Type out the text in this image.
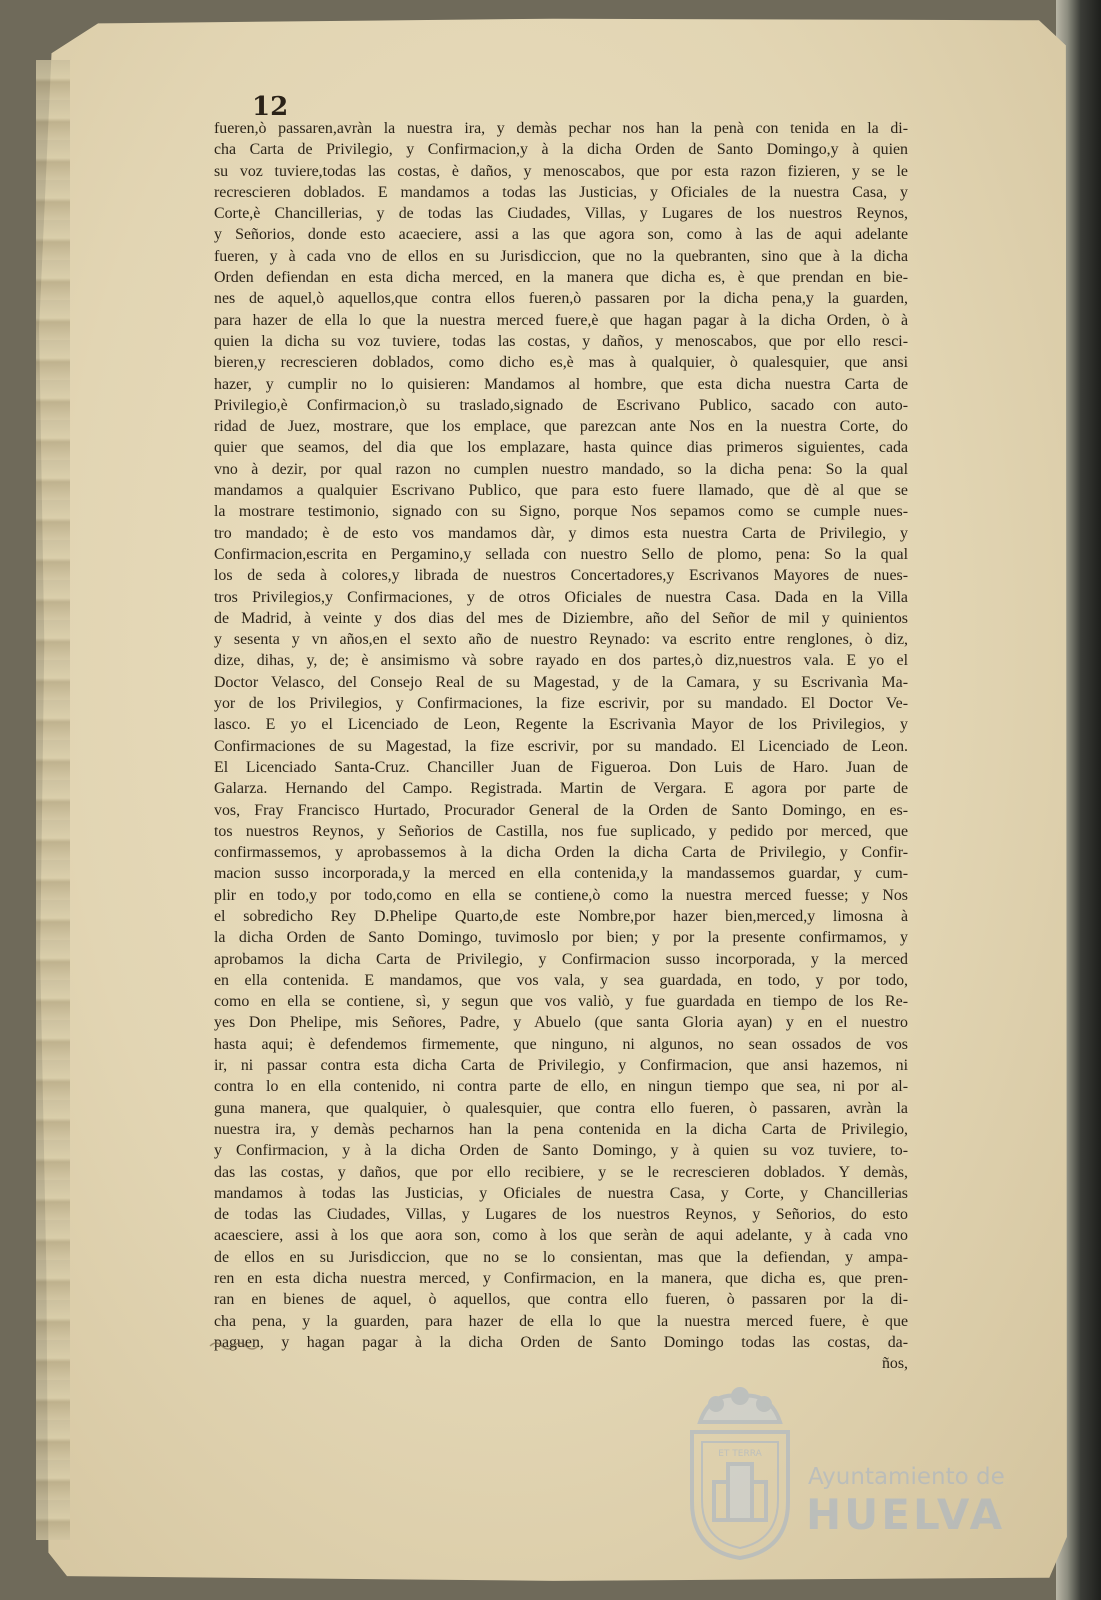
12
fueren,ò passaren,avràn la nuestra ira, y demàs pechar nos han la penà con tenida en la di-
cha Carta de Privilegio, y Confirmacion,y à la dicha Orden de Santo Domingo,y à quien
su voz tuviere,todas las costas, è daños, y menoscabos, que por esta razon fizieren, y se le
recrescieren doblados. E mandamos a todas las Justicias, y Oficiales de la nuestra Casa, y
Corte,è Chancillerias, y de todas las Ciudades, Villas, y Lugares de los nuestros Reynos,
y Señorios, donde esto acaeciere, assi a las que agora son, como à las de aqui adelante
fueren, y à cada vno de ellos en su Jurisdiccion, que no la quebranten, sino que à la dicha
Orden defiendan en esta dicha merced, en la manera que dicha es, è que prendan en bie-
nes de aquel,ò aquellos,que contra ellos fueren,ò passaren por la dicha pena,y la guarden,
para hazer de ella lo que la nuestra merced fuere,è que hagan pagar à la dicha Orden, ò à
quien la dicha su voz tuviere, todas las costas, y daños, y menoscabos, que por ello resci-
bieren,y recrescieren doblados, como dicho es,è mas à qualquier, ò qualesquier, que ansi
hazer, y cumplir no lo quisieren: Mandamos al hombre, que esta dicha nuestra Carta de
Privilegio,è Confirmacion,ò su traslado,signado de Escrivano Publico, sacado con auto-
ridad de Juez, mostrare, que los emplace, que parezcan ante Nos en la nuestra Corte, do
quier que seamos, del dia que los emplazare, hasta quince dias primeros siguientes, cada
vno à dezir, por qual razon no cumplen nuestro mandado, so la dicha pena: So la qual
mandamos a qualquier Escrivano Publico, que para esto fuere llamado, que dè al que se
la mostrare testimonio, signado con su Signo, porque Nos sepamos como se cumple nues-
tro mandado; è de esto vos mandamos dàr, y dimos esta nuestra Carta de Privilegio, y
Confirmacion,escrita en Pergamino,y sellada con nuestro Sello de plomo, pena: So la qual
los de seda à colores,y librada de nuestros Concertadores,y Escrivanos Mayores de nues-
tros Privilegios,y Confirmaciones, y de otros Oficiales de nuestra Casa. Dada en la Villa
de Madrid, à veinte y dos dias del mes de Diziembre, año del Señor de mil y quinientos
y sesenta y vn años,en el sexto año de nuestro Reynado: va escrito entre renglones, ò diz,
dize, dihas, y, de; è ansimismo và sobre rayado en dos partes,ò diz,nuestros vala. E yo el
Doctor Velasco, del Consejo Real de su Magestad, y de la Camara, y su Escrivanìa Ma-
yor de los Privilegios, y Confirmaciones, la fize escrivir, por su mandado. El Doctor Ve-
lasco. E yo el Licenciado de Leon, Regente la Escrivanìa Mayor de los Privilegios, y
Confirmaciones de su Magestad, la fize escrivir, por su mandado. El Licenciado de Leon.
El Licenciado Santa-Cruz. Chanciller Juan de Figueroa. Don Luis de Haro. Juan de
Galarza. Hernando del Campo. Registrada. Martin de Vergara. E agora por parte de
vos, Fray Francisco Hurtado, Procurador General de la Orden de Santo Domingo, en es-
tos nuestros Reynos, y Señorios de Castilla, nos fue suplicado, y pedido por merced, que
confirmassemos, y aprobassemos à la dicha Orden la dicha Carta de Privilegio, y Confir-
macion susso incorporada,y la merced en ella contenida,y la mandassemos guardar, y cum-
plir en todo,y por todo,como en ella se contiene,ò como la nuestra merced fuesse; y Nos
el sobredicho Rey D.Phelipe Quarto,de este Nombre,por hazer bien,merced,y limosna à
la dicha Orden de Santo Domingo, tuvimoslo por bien; y por la presente confirmamos, y
aprobamos la dicha Carta de Privilegio, y Confirmacion susso incorporada, y la merced
en ella contenida. E mandamos, que vos vala, y sea guardada, en todo, y por todo,
como en ella se contiene, sì, y segun que vos valiò, y fue guardada en tiempo de los Re-
yes Don Phelipe, mis Señores, Padre, y Abuelo (que santa Gloria ayan) y en el nuestro
hasta aqui; è defendemos firmemente, que ninguno, ni algunos, no sean ossados de vos
ir, ni passar contra esta dicha Carta de Privilegio, y Confirmacion, que ansi hazemos, ni
contra lo en ella contenido, ni contra parte de ello, en ningun tiempo que sea, ni por al-
guna manera, que qualquier, ò qualesquier, que contra ello fueren, ò passaren, avràn la
nuestra ira, y demàs pecharnos han la pena contenida en la dicha Carta de Privilegio,
y Confirmacion, y à la dicha Orden de Santo Domingo, y à quien su voz tuviere, to-
das las costas, y daños, que por ello recibiere, y se le recrescieren doblados. Y demàs,
mandamos à todas las Justicias, y Oficiales de nuestra Casa, y Corte, y Chancillerias
de todas las Ciudades, Villas, y Lugares de los nuestros Reynos, y Señorios, do esto
acaesciere, assi à los que aora son, como à los que seràn de aqui adelante, y à cada vno
de ellos en su Jurisdiccion, que no se lo consientan, mas que la defiendan, y ampa-
ren en esta dicha nuestra merced, y Confirmacion, en la manera, que dicha es, que pren-
ran en bienes de aquel, ò aquellos, que contra ello fueren, ò passaren por la di-
cha pena, y la guarden, para hazer de ella lo que la nuestra merced fuere, è que
paguen, y hagan pagar à la dicha Orden de Santo Domingo todas las costas, da-
ños,
ET TERRA
Ayuntamiento de
HUELVA
